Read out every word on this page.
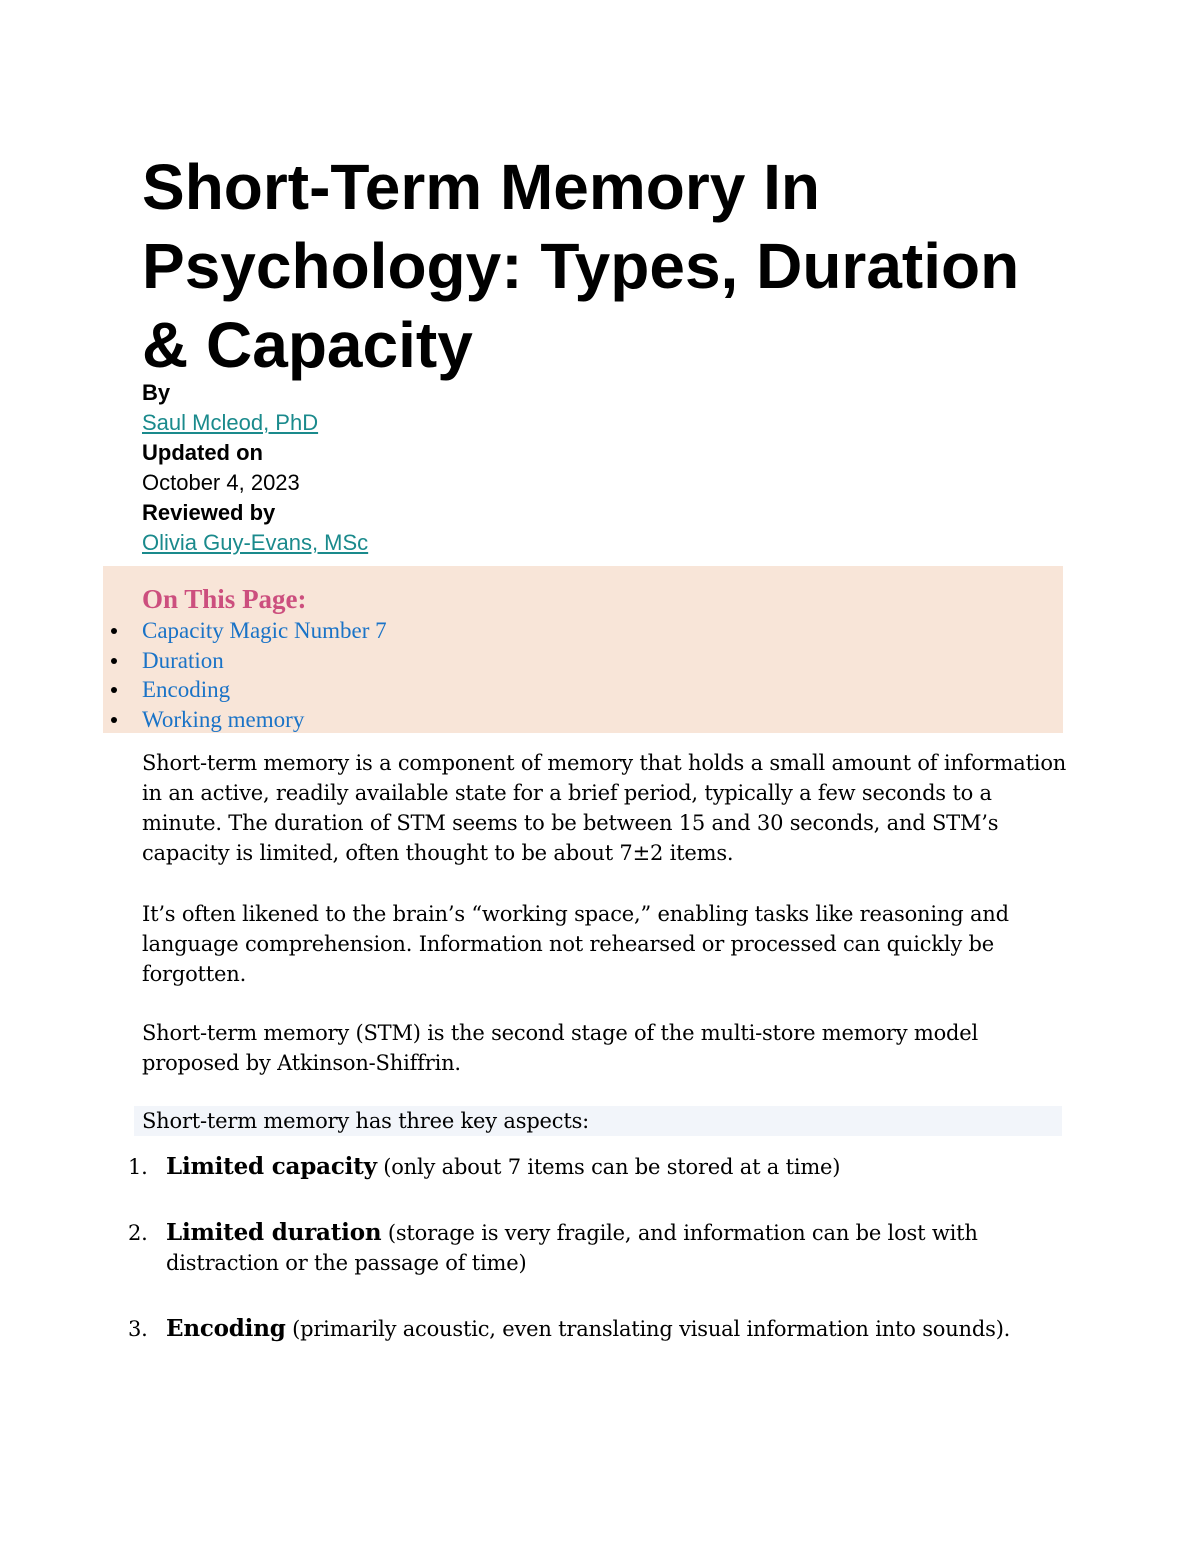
Short-Term Memory In Psychology: Types, Duration & Capacity
By
Saul Mcleod, PhD
Updated on
October 4, 2023
Reviewed by
Olivia Guy-Evans, MSc
On This Page:
Capacity Magic Number 7
Duration
Encoding
Working memory

Short-term memory is a component of memory that holds a small amount of information in an active, readily available state for a brief period, typically a few seconds to a minute. The duration of STM seems to be between 15 and 30 seconds, and STM’s capacity is limited, often thought to be about 7±2 items.

It’s often likened to the brain’s “working space,” enabling tasks like reasoning and language comprehension. Information not rehearsed or processed can quickly be forgotten.

Short-term memory (STM) is the second stage of the multi-store memory model proposed by Atkinson-Shiffrin.

Short-term memory has three key aspects:

1. Limited capacity (only about 7 items can be stored at a time)
2. Limited duration (storage is very fragile, and information can be lost with distraction or the passage of time)
3. Encoding (primarily acoustic, even translating visual information into sounds).
